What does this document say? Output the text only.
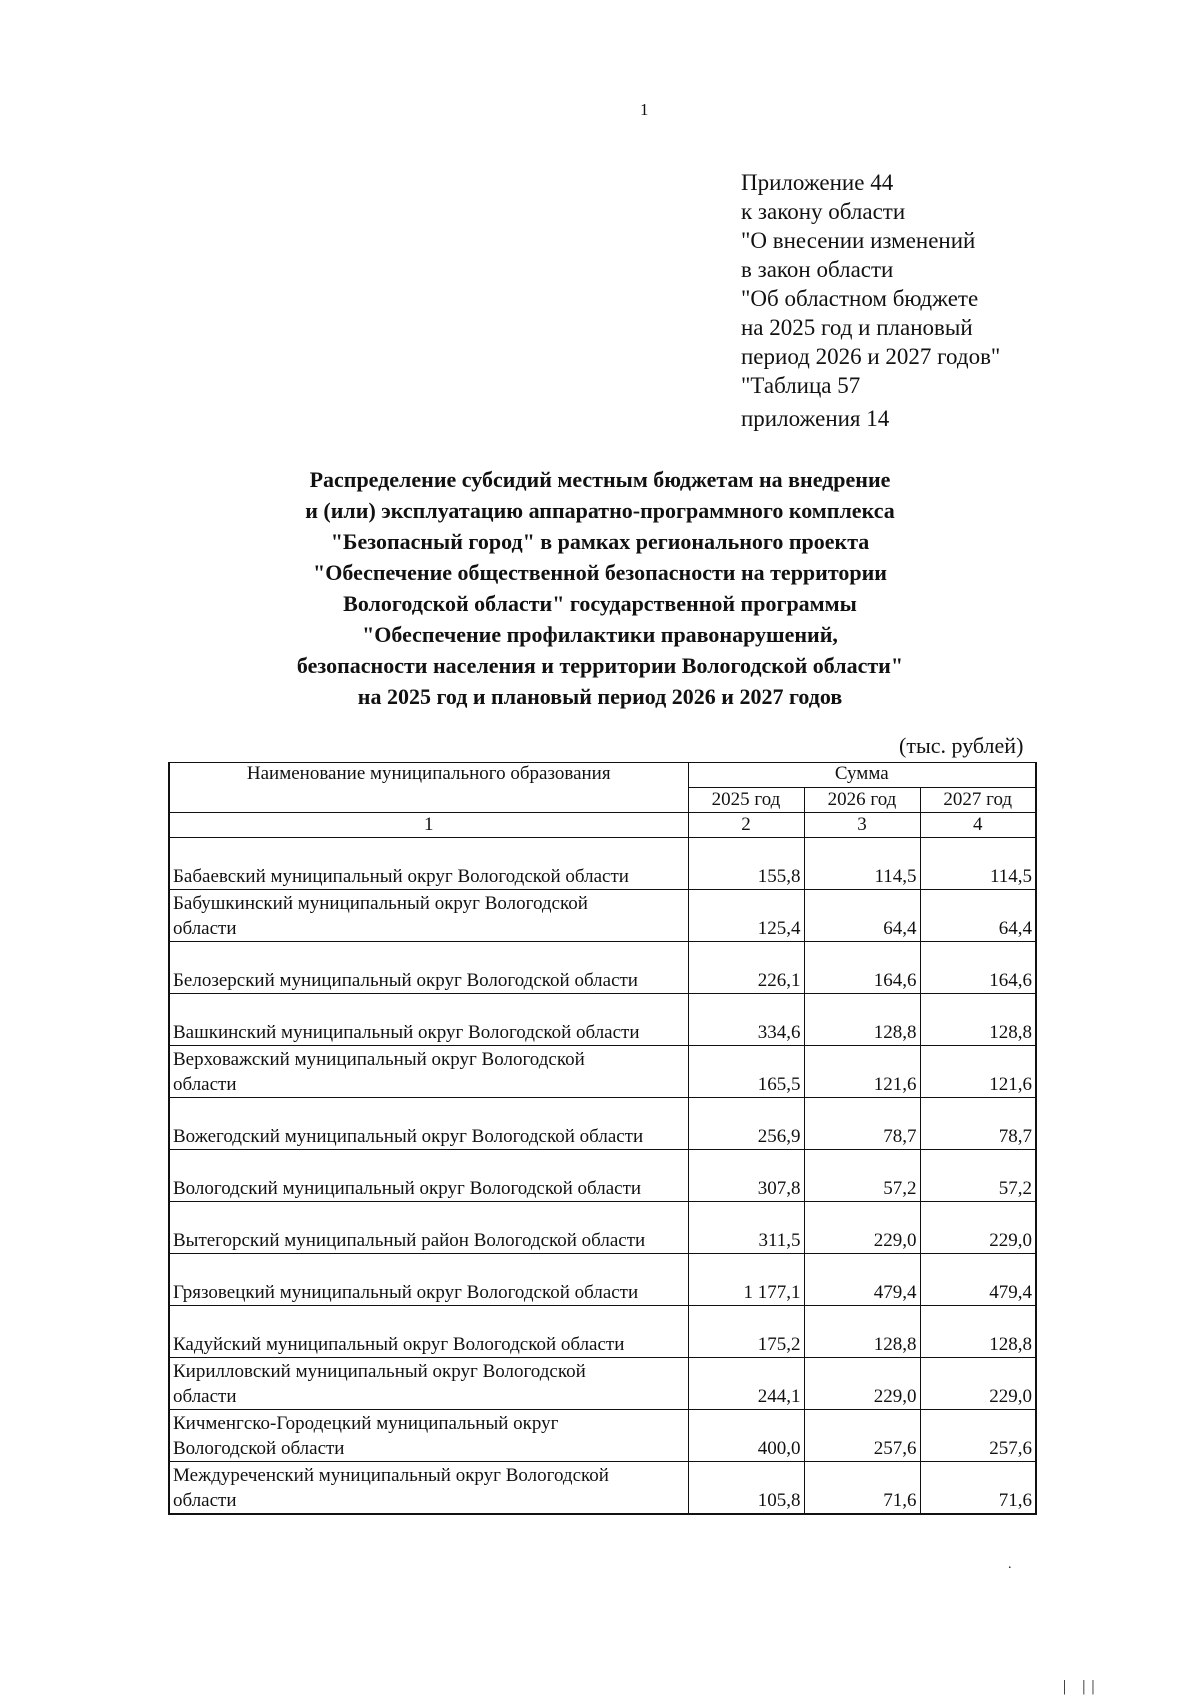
1
Приложение 44
к закону области
"О внесении изменений
в закон области
"Об областном бюджете
на 2025 год и плановый
период 2026 и 2027 годов"
"Таблица 57
приложения 14
Распределение субсидий местным бюджетам на внедрение
и (или) эксплуатацию аппаратно-программного комплекса
"Безопасный город" в рамках регионального проекта
"Обеспечение общественной безопасности на территории
Вологодской области" государственной программы
"Обеспечение профилактики правонарушений,
безопасности населения и территории Вологодской области"
на 2025 год и плановый период 2026 и 2027 годов
(тыс. рублей)
Наименование муниципального образования	Сумма		
	2025 год	2026 год	2027 год
1	2	3	4

Бабаевский муниципальный округ Вологодской области	155,8	114,5	114,5

Бабушкинский муниципальный округ Вологодской
области	125,4	64,4	64,4

Белозерский муниципальный округ Вологодской области	226,1	164,6	164,6

Вашкинский муниципальный округ Вологодской области	334,6	128,8	128,8

Верховажский муниципальный округ Вологодской
области	165,5	121,6	121,6

Вожегодский муниципальный округ Вологодской области	256,9	78,7	78,7

Вологодский муниципальный округ Вологодской области	307,8	57,2	57,2

Вытегорский муниципальный район Вологодской области	311,5	229,0	229,0

Грязовецкий муниципальный округ Вологодской области	1 177,1	479,4	479,4

Кадуйский муниципальный округ Вологодской области	175,2	128,8	128,8

Кирилловский муниципальный округ Вологодской
области	244,1	229,0	229,0

Кичменгско-Городецкий муниципальный округ
Вологодской области	400,0	257,6	257,6

Междуреченский муниципальный округ Вологодской
области	105,8	71,6	71,6
.
| ||
